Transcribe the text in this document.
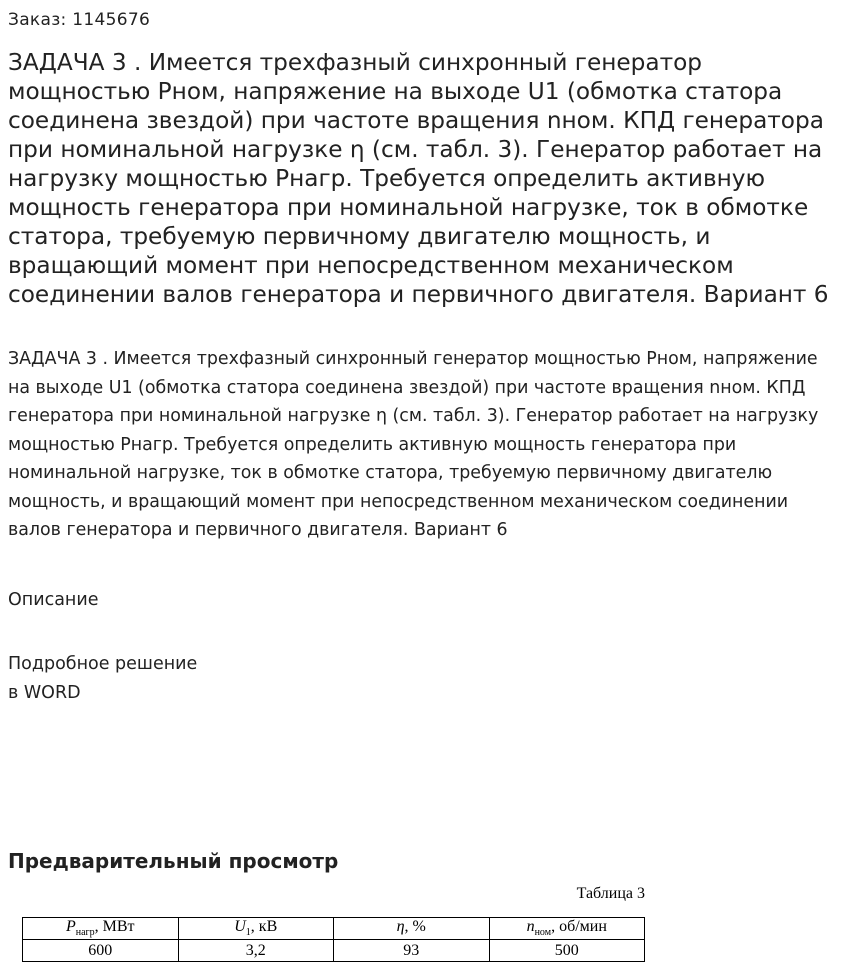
Заказ: 1145676
ЗАДАЧА 3 . Имеется трехфазный синхронный генератор мощностью Рном, напряжение на выходе U1 (обмотка статора соединена звездой) при частоте вращения nном. КПД генератора при номинальной нагрузке η (см. табл. 3). Генератор работает на нагрузку мощностью Рнагр. Требуется определить активную мощность генератора при номинальной нагрузке, ток в обмотке статора, требуемую первичному двигателю мощность, и вращающий момент при непосредственном механическом соединении валов генератора и первичного двигателя. Вариант 6

ЗАДАЧА 3 . Имеется трехфазный синхронный генератор мощностью Рном, напряжение на выходе U1 (обмотка статора соединена звездой) при частоте вращения nном. КПД генератора при номинальной нагрузке η (см. табл. 3). Генератор работает на нагрузку мощностью Рнагр. Требуется определить активную мощность генератора при номинальной нагрузке, ток в обмотке статора, требуемую первичному двигателю мощность, и вращающий момент при непосредственном механическом соединении валов генератора и первичного двигателя. Вариант 6

Описание

Подробное решение
в WORD

Предварительный просмотр
Таблица 3
$P_{нагр}$, МВт	$U_1$, кВ	η, %	$n_{ном}$, об/мин
600	3,2	93	500
